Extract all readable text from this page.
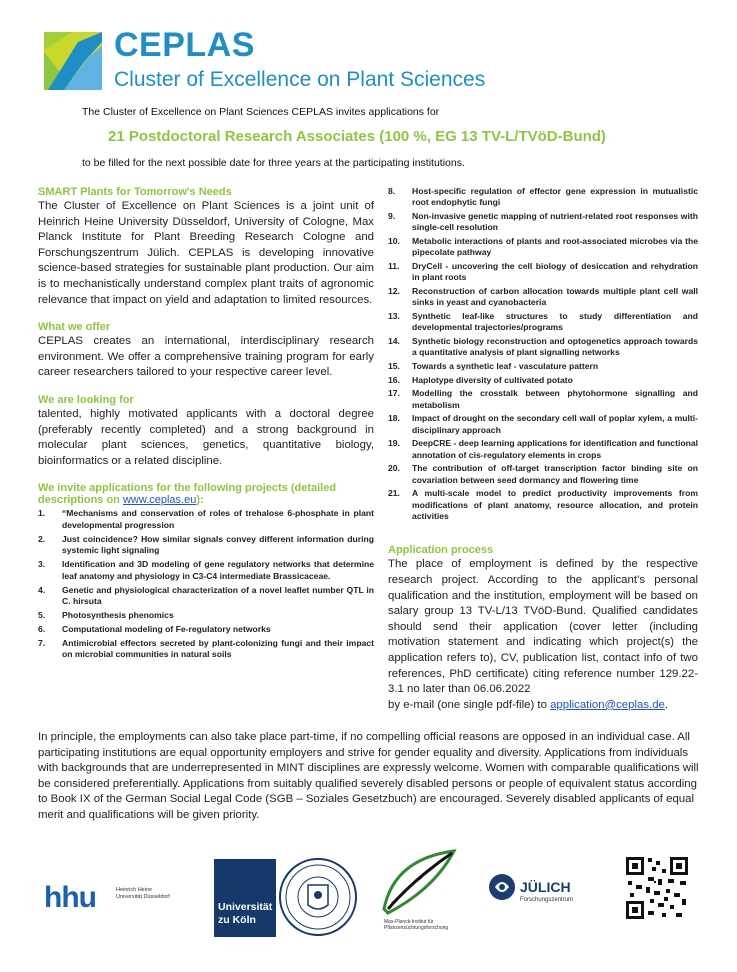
CEPLAS
Cluster of Excellence on Plant Sciences
The Cluster of Excellence on Plant Sciences CEPLAS invites applications for
21 Postdoctoral Research Associates (100 %, EG 13 TV-L/TVöD-Bund)
to be filled for the next possible date for three years at the participating institutions.
SMART Plants for Tomorrow's Needs
The Cluster of Excellence on Plant Sciences is a joint unit of Heinrich Heine University Düsseldorf, University of Cologne, Max Planck Institute for Plant Breeding Research Cologne and Forschungszentrum Jülich. CEPLAS is developing innovative science-based strategies for sustainable plant production. Our aim is to mechanistically understand complex plant traits of agronomic relevance that impact on yield and adaptation to limited resources.
What we offer
CEPLAS creates an international, interdisciplinary research environment. We offer a comprehensive training program for early career researchers tailored to your respective career level.
We are looking for
talented, highly motivated applicants with a doctoral degree (preferably recently completed) and a strong background in molecular plant sciences, genetics, quantitative biology, bioinformatics or a related discipline.
We invite applications for the following projects (detailed descriptions on www.ceplas.eu):
1.	“Mechanisms and conservation of roles of trehalose 6-phosphate in plant developmental progression
2.	Just coincidence? How similar signals convey different information during systemic light signaling
3.	Identification and 3D modeling of gene regulatory networks that determine leaf anatomy and physiology in C3-C4 intermediate Brassicaceae.
4.	Genetic and physiological characterization of a novel leaflet number QTL in C. hirsuta
5.	Photosynthesis phenomics
6.	Computational modeling of Fe-regulatory networks
7.	Antimicrobial effectors secreted by plant-colonizing fungi and their impact on microbial communities in natural soils
8.	Host-specific regulation of effector gene expression in mutualistic root endophytic fungi
9.	Non-invasive genetic mapping of nutrient-related root responses with single-cell resolution
10.	Metabolic interactions of plants and root-associated microbes via the pipecolate pathway
11.	DryCell - uncovering the cell biology of desiccation and rehydration in plant roots
12.	Reconstruction of carbon allocation towards multiple plant cell wall sinks in yeast and cyanobacteria
13.	Synthetic leaf-like structures to study differentiation and developmental trajectories/programs
14.	Synthetic biology reconstruction and optogenetics approach towards a quantitative analysis of plant signalling networks
15.	Towards a synthetic leaf - vasculature pattern
16.	Haplotype diversity of cultivated potato
17.	Modelling the crosstalk between phytohormone signalling and metabolism
18.	Impact of drought on the secondary cell wall of poplar xylem, a multi-disciplinary approach
19.	DeepCRE - deep learning applications for identification and functional annotation of cis-regulatory elements in crops
20.	The contribution of off-target transcription factor binding site on covariation between seed dormancy and flowering time
21.	A multi-scale model to predict productivity improvements from modifications of plant anatomy, resource allocation, and protein activities
Application process
The place of employment is defined by the respective research project. According to the applicant’s personal qualification and the institution, employment will be based on salary group 13 TV-L/13 TVöD-Bund. Qualified candidates should send their application (cover letter (including motivation statement and indicating which project(s) the application refers to), CV, publication list, contact info of two references, PhD certificate) citing reference number 129.22-3.1 no later than 06.06.2022
by e-mail (one single pdf-file) to application@ceplas.de.
In principle, the employments can also take place part-time, if no compelling official reasons are opposed in an individual case. All participating institutions are equal opportunity employers and strive for gender equality and diversity. Applications from individuals with backgrounds that are underrepresented in MINT disciplines are expressly welcome. Women with comparable qualifications will be considered preferentially. Applications from suitably qualified severely disabled persons or people of equivalent status according to Book IX of the German Social Legal Code (SGB – Soziales Gesetzbuch) are encouraged. Severely disabled applicants of equal merit and qualifications will be given priority.
hhu	Heinrich Heine Universität Düsseldorf
Universität zu Köln	Max-Planck-Institut für Pflanzenzüchtungsforschung
JÜLICH
Forschungszentrum
